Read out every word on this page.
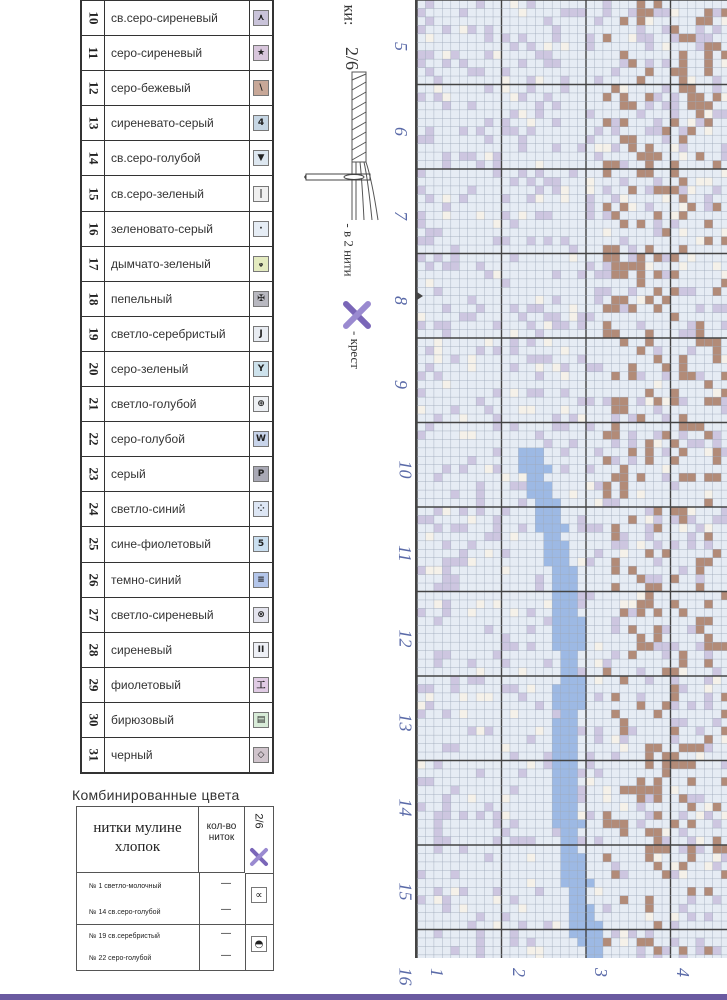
10 св.серо-сиреневый	⋏
11 серо-сиреневый	★
12 серо-бежевый	\
13 сиреневато-серый	4
14 св.серо-голубой	▼
15 св.серо-зеленый	|
16 зеленовато-серый	·
17 дымчато-зеленый	ᵩ
18 пепельный	✠
19 светло-серебристый	J
20 серо-зеленый	Y
21 светло-голубой	⊕
22 серо-голубой	W
23 серый	P
24 светло-синий	⁘
25 сине-фиолетовый	5
26 темно-синий	≡
27 светло-сиреневый	⊗
28 сиреневый	II
29 фиолетовый	工
30 бирюзовый	▤
31 черный	◇
ки:
2/6
- в 2 нити
- крест
Комбинированные цвета
нитки мулине хлопок
кол-во ниток
2/6
№ 1 светло-молочный	—
№ 14 св.серо-голубой	—
∝
№ 19 св.серебристый	—
№ 22 серо-голубой	—
◓
5
6
7
8
9
10
11
12
13
14
15
16 1	2	3	4
